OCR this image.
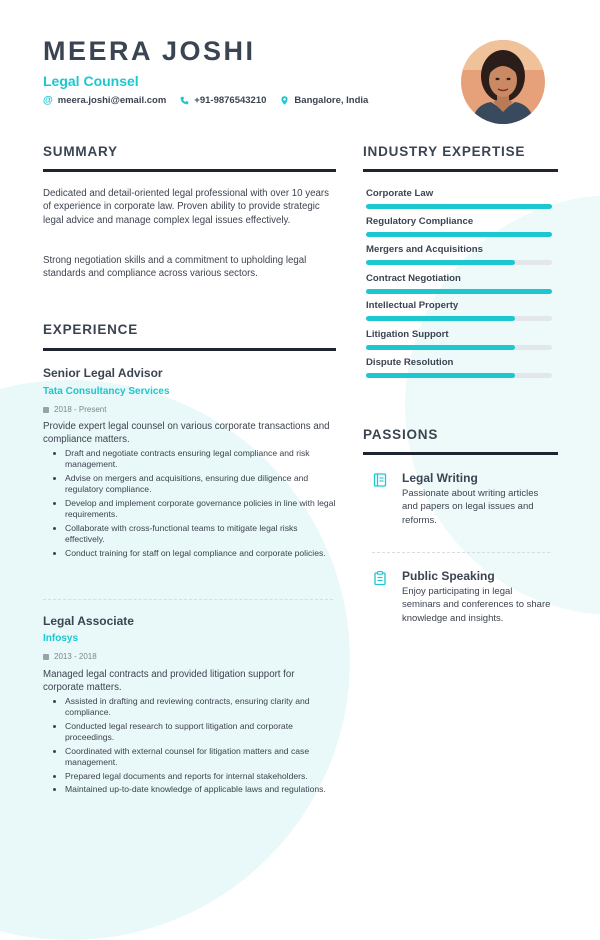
MEERA JOSHI
Legal Counsel
@ meera.joshi@email.com	+91-9876543210	Bangalore, India
SUMMARY
Dedicated and detail-oriented legal professional with over 10 years of experience in corporate law. Proven ability to provide strategic legal advice and manage complex legal issues effectively.
Strong negotiation skills and a commitment to upholding legal standards and compliance across various sectors.
EXPERIENCE
Senior Legal Advisor
Tata Consultancy Services
2018 - Present
Provide expert legal counsel on various corporate transactions and compliance matters.
Draft and negotiate contracts ensuring legal compliance and risk management.
Advise on mergers and acquisitions, ensuring due diligence and regulatory compliance.
Develop and implement corporate governance policies in line with legal requirements.
Collaborate with cross-functional teams to mitigate legal risks effectively.
Conduct training for staff on legal compliance and corporate policies.
Legal Associate
Infosys
2013 - 2018
Managed legal contracts and provided litigation support for corporate matters.
Assisted in drafting and reviewing contracts, ensuring clarity and compliance.
Conducted legal research to support litigation and corporate proceedings.
Coordinated with external counsel for litigation matters and case management.
Prepared legal documents and reports for internal stakeholders.
Maintained up-to-date knowledge of applicable laws and regulations.
INDUSTRY EXPERTISE
Corporate Law
Regulatory Compliance
Mergers and Acquisitions
Contract Negotiation
Intellectual Property
Litigation Support
Dispute Resolution
PASSIONS
Legal Writing
Passionate about writing articles and papers on legal issues and reforms.
Public Speaking
Enjoy participating in legal seminars and conferences to share knowledge and insights.
